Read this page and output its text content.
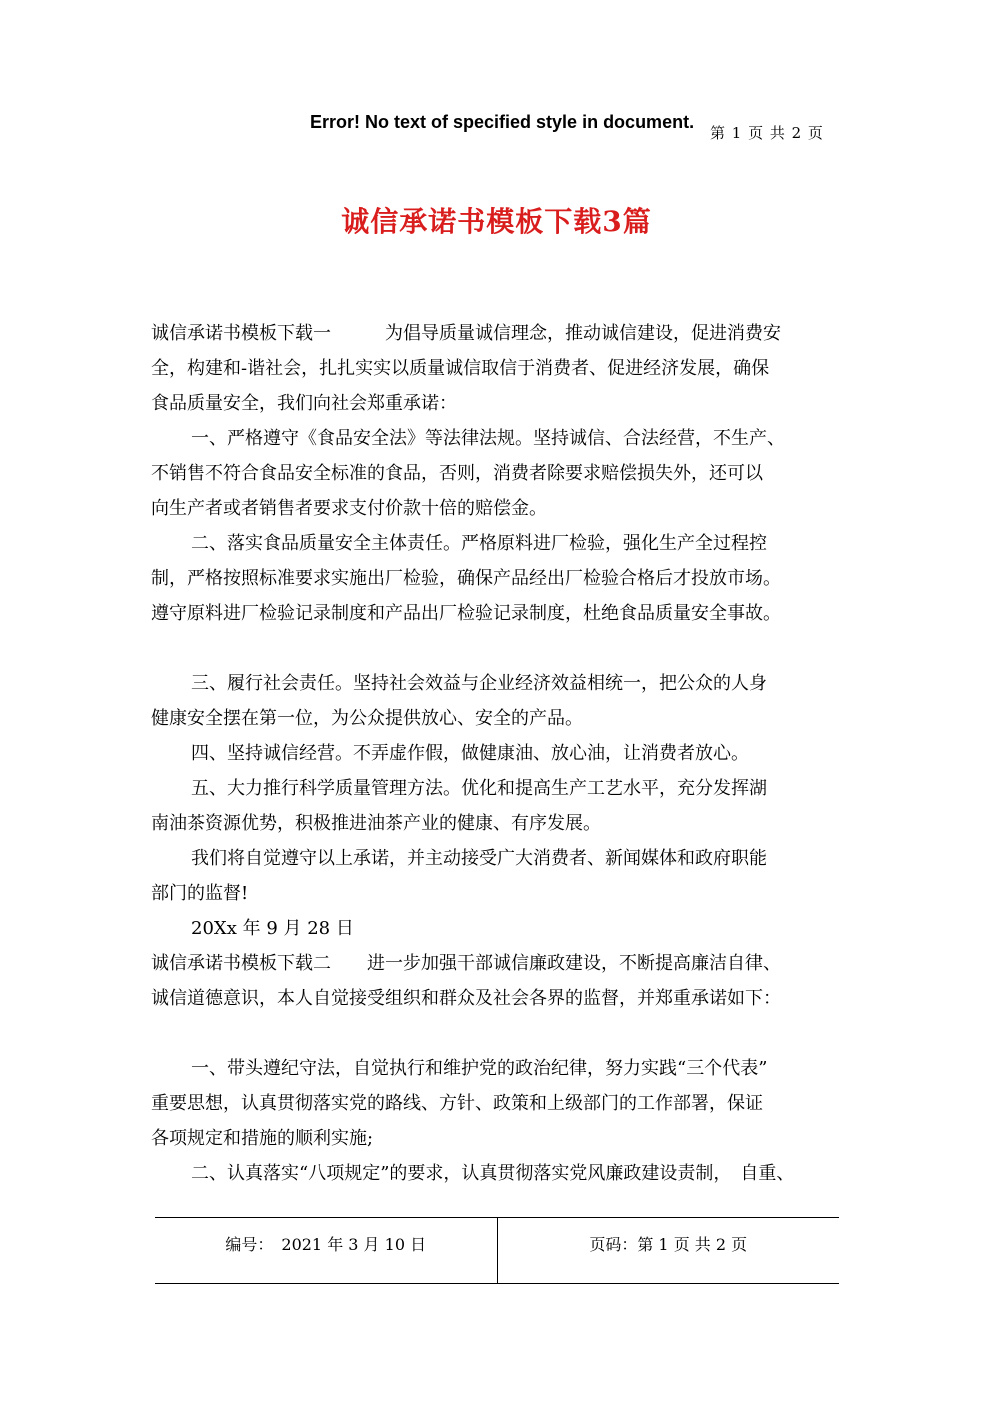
Error! No text of specified style in document.
第 1 页 共 2 页
诚信承诺书模板下载3篇

诚信承诺书模板下载一　　　为倡导质量诚信理念，推动诚信建设，促进消费安

全，构建和-谐社会，扎扎实实以质量诚信取信于消费者、促进经济发展，确保

食品质量安全，我们向社会郑重承诺：

一、严格遵守《食品安全法》等法律法规。坚持诚信、合法经营，不生产、

不销售不符合食品安全标准的食品，否则，消费者除要求赔偿损失外，还可以

向生产者或者销售者要求支付价款十倍的赔偿金。

二、落实食品质量安全主体责任。严格原料进厂检验，强化生产全过程控

制，严格按照标准要求实施出厂检验，确保产品经出厂检验合格后才投放市场。

遵守原料进厂检验记录制度和产品出厂检验记录制度，杜绝食品质量安全事故。

三、履行社会责任。坚持社会效益与企业经济效益相统一，把公众的人身

健康安全摆在第一位，为公众提供放心、安全的产品。

四、坚持诚信经营。不弄虚作假，做健康油、放心油，让消费者放心。

五、大力推行科学质量管理方法。优化和提高生产工艺水平，充分发挥湖

南油茶资源优势，积极推进油茶产业的健康、有序发展。

我们将自觉遵守以上承诺，并主动接受广大消费者、新闻媒体和政府职能

部门的监督!

20Xx 年 9 月 28 日

诚信承诺书模板下载二　　进一步加强干部诚信廉政建设，不断提高廉洁自律、

诚信道德意识，本人自觉接受组织和群众及社会各界的监督，并郑重承诺如下：

一、带头遵纪守法，自觉执行和维护党的政治纪律，努力实践“三个代表”

重要思想，认真贯彻落实党的路线、方针、政策和上级部门的工作部署，保证

各项规定和措施的顺利实施;

二、认真落实“八项规定”的要求，认真贯彻落实党风廉政建设责制，　自重、

编号：　2021 年 3 月 10 日	页码：第 1 页 共 2 页
